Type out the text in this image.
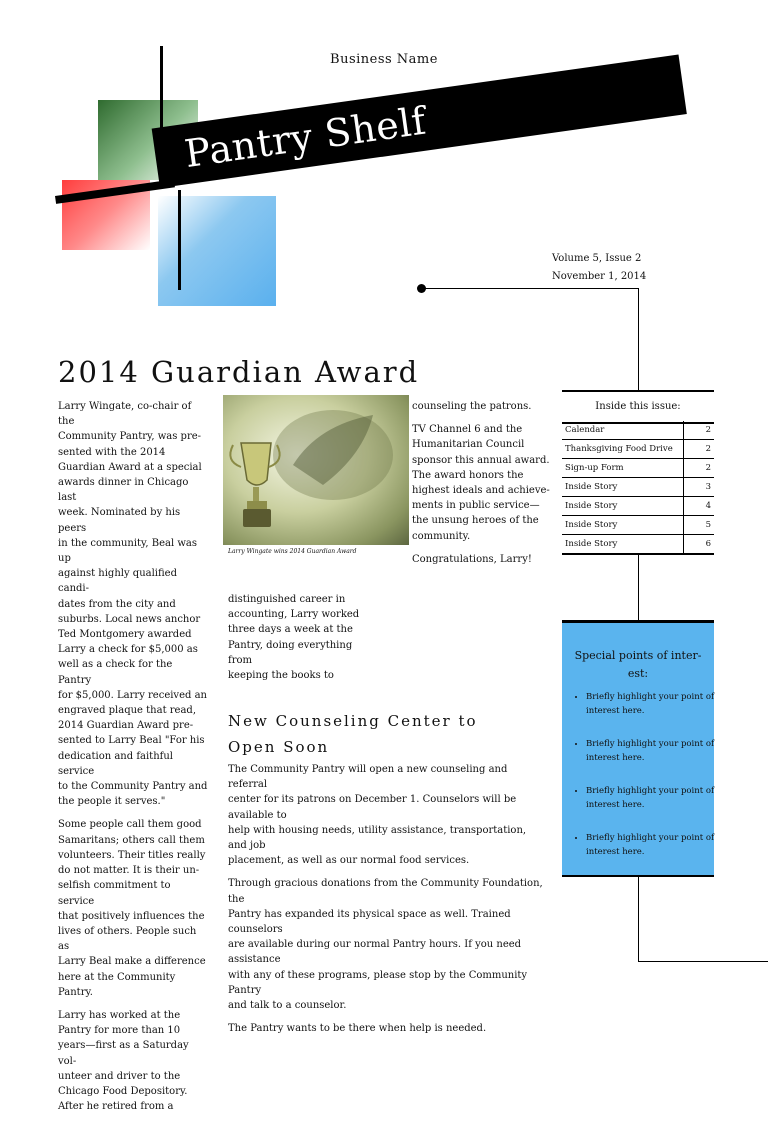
Business Name
Pantry Shelf
Volume 5, Issue 2
November 1, 2014
2014 Guardian Award

Larry Wingate, co-chair of the
Community Pantry, was pre-
sented with the 2014
Guardian Award at a special
awards dinner in Chicago last
week. Nominated by his peers
in the community, Beal was up
against highly qualified candi-
dates from the city and
suburbs. Local news anchor
Ted Montgomery awarded
Larry a check for $5,000 as
well as a check for the Pantry
for $5,000. Larry received an
engraved plaque that read,
2014 Guardian Award pre-
sented to Larry Beal "For his
dedication and faithful service
to the Community Pantry and
the people it serves."

Some people call them good
Samaritans; others call them
volunteers. Their titles really
do not matter. It is their un-
selfish commitment to service
that positively influences the
lives of others. People such as
Larry Beal make a difference
here at the Community
Pantry.

Larry has worked at the
Pantry for more than 10
years—first as a Saturday vol-
unteer and driver to the
Chicago Food Depository.
After he retired from a

Larry Wingate wins 2014 Guardian Award

distinguished career in
accounting, Larry worked
three days a week at the
Pantry, doing everything from
keeping the books to

counseling the patrons.

TV Channel 6 and the
Humanitarian Council
sponsor this annual award.
The award honors the
highest ideals and achieve-
ments in public service—
the unsung heroes of the
community.

Congratulations, Larry!

New Counseling Center to
Open Soon

The Community Pantry will open a new counseling and referral
center for its patrons on December 1. Counselors will be available to
help with housing needs, utility assistance, transportation, and job
placement, as well as our normal food services.

Through gracious donations from the Community Foundation, the
Pantry has expanded its physical space as well. Trained counselors
are available during our normal Pantry hours. If you need assistance
with any of these programs, please stop by the Community Pantry
and talk to a counselor.

The Pantry wants to be there when help is needed.

Inside this issue:
Calendar	2
Thanksgiving Food Drive	2
Sign-up Form	2
Inside Story	3
Inside Story	4
Inside Story	5
Inside Story	6
Special points of inter-
est:
• Briefly highlight your point of interest here.
• Briefly highlight your point of interest here.
• Briefly highlight your point of interest here.
• Briefly highlight your point of interest here.
